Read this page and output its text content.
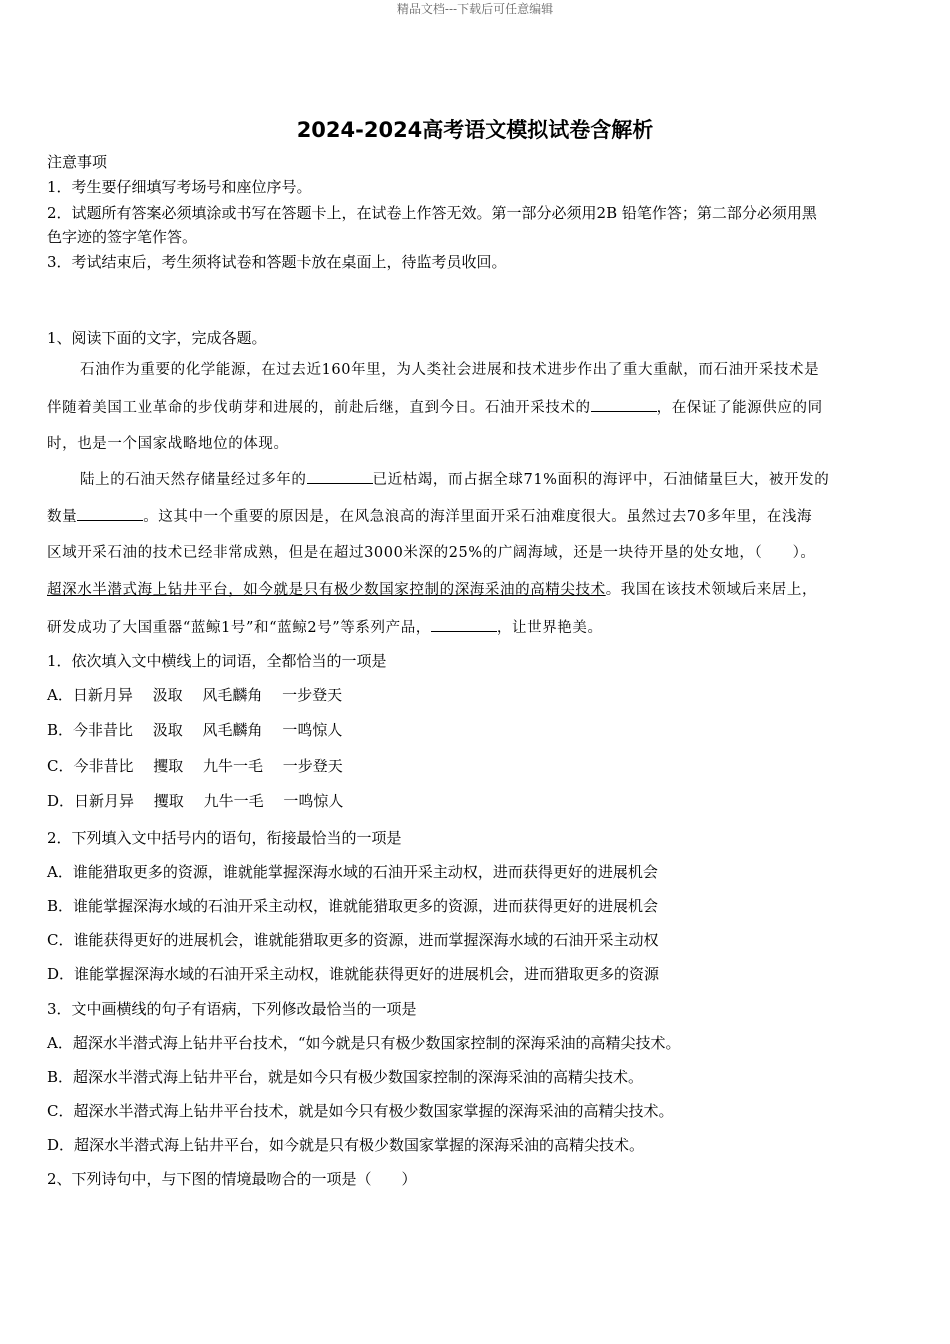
精品文档---下载后可任意编辑
2024-2024高考语文模拟试卷含解析
注意事项
1．考生要仔细填写考场号和座位序号。
2．试题所有答案必须填涂或书写在答题卡上，在试卷上作答无效。第一部分必须用2B 铅笔作答；第二部分必须用黑
色字迹的签字笔作答。
3．考试结束后，考生须将试卷和答题卡放在桌面上，待监考员收回。
1、阅读下面的文字，完成各题。
石油作为重要的化学能源，在过去近160年里，为人类社会进展和技术进步作出了重大重献，而石油开采技术是
伴随着美国工业革命的步伐萌芽和进展的，前赴后继，直到今日。石油开采技术的	，在保证了能源供应的同
时，也是一个国家战略地位的体现。
陆上的石油天然存储量经过多年的	已近枯竭，而占据全球71%面积的海评中，石油储量巨大，被开发的
数量	。这其中一个重要的原因是，在风急浪高的海洋里面开采石油难度很大。虽然过去70多年里，在浅海
区域开采石油的技术已经非常成熟，但是在超过3000米深的25%的广阔海域，还是一块待开垦的处女地，（　　）。
超深水半潜式海上钻井平台，如今就是只有极少数国家控制的深海采油的高精尖技术。我国在该技术领域后来居上，
研发成功了大国重器“蓝鲸1号”和“蓝鲸2号”等系列产品，	，让世界艳美。
1．依次填入文中横线上的词语，全都恰当的一项是
A．日新月异　 汲取　 风毛麟角　 一步登天
B．今非昔比　 汲取　 风毛麟角　 一鸣惊人
C．今非昔比　 攫取　 九牛一毛　 一步登天
D．日新月异　 攫取　 九牛一毛　 一鸣惊人
2．下列填入文中括号内的语句，衔接最恰当的一项是
A．谁能猎取更多的资源，谁就能掌握深海水域的石油开采主动权，进而获得更好的进展机会
B．谁能掌握深海水域的石油开采主动权，谁就能猎取更多的资源，进而获得更好的进展机会
C．谁能获得更好的进展机会，谁就能猎取更多的资源，进而掌握深海水域的石油开采主动权
D．谁能掌握深海水域的石油开采主动权，谁就能获得更好的进展机会，进而猎取更多的资源
3．文中画横线的句子有语病，下列修改最恰当的一项是
A．超深水半潜式海上钻井平台技术，“如今就是只有极少数国家控制的深海采油的高精尖技术。
B．超深水半潜式海上钻井平台，就是如今只有极少数国家控制的深海采油的高精尖技术。
C．超深水半潜式海上钻井平台技术，就是如今只有极少数国家掌握的深海采油的高精尖技术。
D．超深水半潜式海上钻井平台，如今就是只有极少数国家掌握的深海采油的高精尖技术。
2、下列诗句中，与下图的情境最吻合的一项是（　　）
